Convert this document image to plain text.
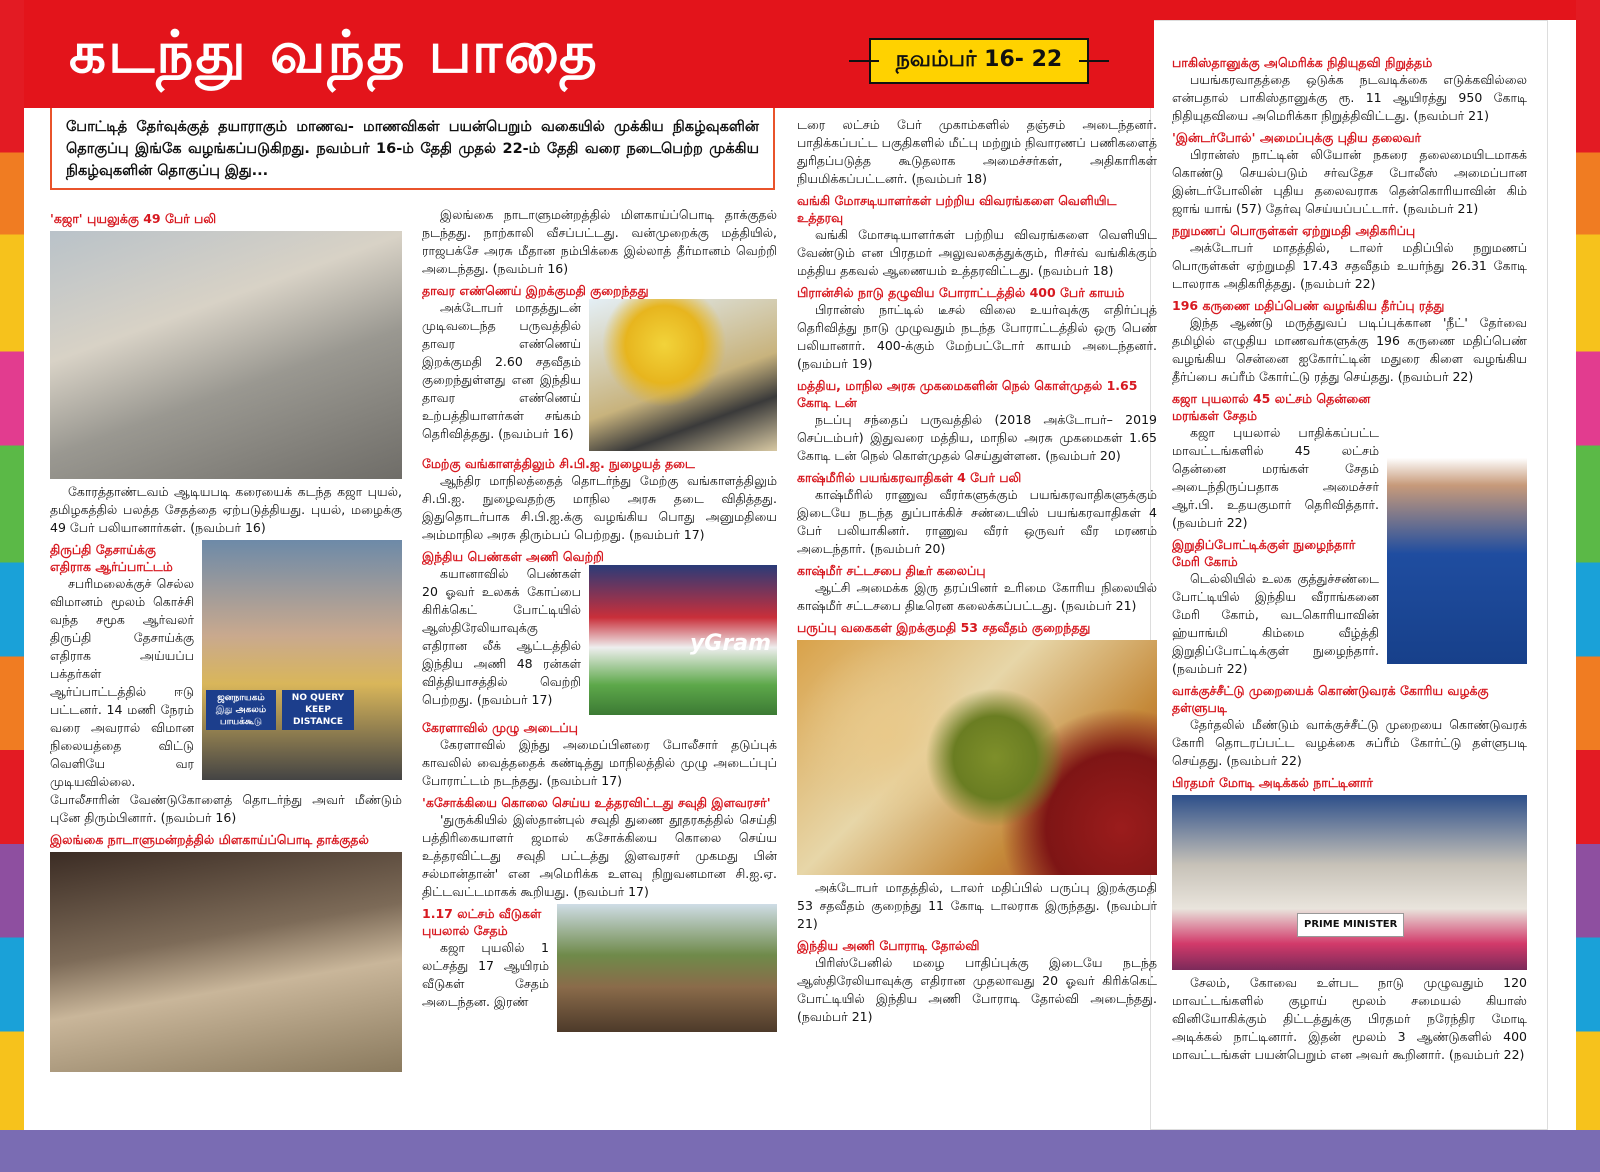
கடந்து வந்த பாதை	நவம்பர் 16- 22
போட்டித் தேர்வுக்குத் தயாராகும் மாணவ- மாணவிகள் பயன்பெறும் வகையில் முக்கிய நிகழ்வுகளின் தொகுப்பு இங்கே வழங்கப்படுகிறது. நவம்பர் 16-ம் தேதி முதல் 22-ம் தேதி வரை நடைபெற்ற முக்கிய நிகழ்வுகளின் தொகுப்பு இது...
'கஜா' புயலுக்கு 49 பேர் பலி
கோரத்தாண்டவம் ஆடியபடி கரையைக் கடந்த கஜா புயல், தமிழகத்தில் பலத்த சேதத்தை ஏற்படுத்தியது. புயல், மழைக்கு 49 பேர் பலியானார்கள். (நவம்பர் 16)
ஜனநாயகம் இது அகலம் பாயக்கூடு
NO QUERY
KEEP DISTANCE
திருப்தி தேசாய்க்கு எதிராக ஆர்ப்பாட்டம்
சபரிமலைக்குச் செல்ல விமானம் மூலம் கொச்சி வந்த சமூக ஆர்வலர் திருப்தி தேசாய்க்கு எதிராக அய்யப்ப பக்தர்கள் ஆர்ப்பாட்டத்தில் ஈடு பட்டனர். 14 மணி நேரம் வரை அவரால் விமான நிலையத்தை விட்டு வெளியே வர முடியவில்லை. போலீசாரின் வேண்டுகோளைத் தொடர்ந்து அவர் மீண்டும் புனே திரும்பினார். (நவம்பர் 16)
இலங்கை நாடாளுமன்றத்தில் மிளகாய்ப்பொடி தாக்குதல்
இலங்கை நாடாளுமன்றத்தில் மிளகாய்ப்பொடி தாக்குதல் நடந்தது. நாற்காலி வீசப்பட்டது. வன்முறைக்கு மத்தியில், ராஜபக்சே அரசு மீதான நம்பிக்கை இல்லாத் தீர்மானம் வெற்றி அடைந்தது. (நவம்பர் 16)
தாவர எண்ணெய் இறக்குமதி குறைந்தது
அக்டோபர் மாதத்துடன் முடிவடைந்த பருவத்தில் தாவர எண்ணெய் இறக்குமதி 2.60 சதவீதம் குறைந்துள்ளது என இந்திய தாவர எண்ணெய் உற்பத்தியாளர்கள் சங்கம் தெரிவித்தது. (நவம்பர் 16)
மேற்கு வங்காளத்திலும் சி.பி.ஐ. நுழையத் தடை
ஆந்திர மாநிலத்தைத் தொடர்ந்து மேற்கு வங்காளத்திலும் சி.பி.ஐ. நுழைவதற்கு மாநில அரசு தடை விதித்தது. இதுதொடர்பாக சி.பி.ஐ.க்கு வழங்கிய பொது அனுமதியை அம்மாநில அரசு திரும்பப் பெற்றது. (நவம்பர் 17)
இந்திய பெண்கள் அணி வெற்றி
yGram
கயானாவில் பெண்கள் 20 ஓவர் உலகக் கோப்பை கிரிக்கெட் போட்டியில் ஆஸ்திரேலியாவுக்கு எதிரான லீக் ஆட்டத்தில் இந்திய அணி 48 ரன்கள் வித்தியாசத்தில் வெற்றி பெற்றது. (நவம்பர் 17)
கேரளாவில் முழு அடைப்பு
கேரளாவில் இந்து அமைப்பினரை போலீசார் தடுப்புக் காவலில் வைத்ததைக் கண்டித்து மாநிலத்தில் முழு அடைப்புப் போராட்டம் நடந்தது. (நவம்பர் 17)
'கசோக்கியை கொலை செய்ய உத்தரவிட்டது சவுதி இளவரசர்'
'துருக்கியில் இஸ்தான்புல் சவுதி துணை தூதரகத்தில் செய்தி பத்திரிகையாளர் ஜமால் கசோக்கியை கொலை செய்ய உத்தரவிட்டது சவுதி பட்டத்து இளவரசர் முகமது பின் சல்மான்தான்' என அமெரிக்க உளவு நிறுவனமான சி.ஐ.ஏ. திட்டவட்டமாகக் கூறியது. (நவம்பர் 17)
1.17 லட்சம் வீடுகள் புயலால் சேதம்
கஜா புயலில் 1 லட்சத்து 17 ஆயிரம் வீடுகள் சேதம் அடைந்தன. இரண்
டரை லட்சம் பேர் முகாம்களில் தஞ்சம் அடைந்தனர். பாதிக்கப்பட்ட பகுதிகளில் மீட்பு மற்றும் நிவாரணப் பணிகளைத் துரிதப்படுத்த கூடுதலாக அமைச்சர்கள், அதிகாரிகள் நியமிக்கப்பட்டனர். (நவம்பர் 18)
வங்கி மோசடியாளர்கள் பற்றிய விவரங்களை வெளியிட உத்தரவு
வங்கி மோசடியாளர்கள் பற்றிய விவரங்களை வெளியிட வேண்டும் என பிரதமர் அலுவலகத்துக்கும், ரிசர்வ் வங்கிக்கும் மத்திய தகவல் ஆணையம் உத்தரவிட்டது. (நவம்பர் 18)
பிரான்சில் நாடு தழுவிய போராட்டத்தில் 400 பேர் காயம்
பிரான்ஸ் நாட்டில் டீசல் விலை உயர்வுக்கு எதிர்ப்புத் தெரிவித்து நாடு முழுவதும் நடந்த போராட்டத்தில் ஒரு பெண் பலியானார். 400-க்கும் மேற்பட்டோர் காயம் அடைந்தனர். (நவம்பர் 19)
மத்திய, மாநில அரசு முகமைகளின் நெல் கொள்முதல் 1.65 கோடி டன்
நடப்பு சந்தைப் பருவத்தில் (2018 அக்டோபர்– 2019 செப்டம்பர்) இதுவரை மத்திய, மாநில அரசு முகமைகள் 1.65 கோடி டன் நெல் கொள்முதல் செய்துள்ளன. (நவம்பர் 20)
காஷ்மீரில் பயங்கரவாதிகள் 4 பேர் பலி
காஷ்மீரில் ராணுவ வீரர்களுக்கும் பயங்கரவாதிகளுக்கும் இடையே நடந்த துப்பாக்கிச் சண்டையில் பயங்கரவாதிகள் 4 பேர் பலியாகினர். ராணுவ வீரர் ஒருவர் வீர மரணம் அடைந்தார். (நவம்பர் 20)
காஷ்மீர் சட்டசபை திடீர் கலைப்பு
ஆட்சி அமைக்க இரு தரப்பினர் உரிமை கோரிய நிலையில் காஷ்மீர் சட்டசபை திடீரென கலைக்கப்பட்டது. (நவம்பர் 21)
பருப்பு வகைகள் இறக்குமதி 53 சதவீதம் குறைந்தது
அக்டோபர் மாதத்தில், டாலர் மதிப்பில் பருப்பு இறக்குமதி 53 சதவீதம் குறைந்து 11 கோடி டாலராக இருந்தது. (நவம்பர் 21)
இந்திய அணி போராடி தோல்வி
பிரிஸ்பேனில் மழை பாதிப்புக்கு இடையே நடந்த ஆஸ்திரேலியாவுக்கு எதிரான முதலாவது 20 ஓவர் கிரிக்கெட் போட்டியில் இந்திய அணி போராடி தோல்வி அடைந்தது. (நவம்பர் 21)
பாகிஸ்தானுக்கு அமெரிக்க நிதியுதவி நிறுத்தம்
பயங்கரவாதத்தை ஒடுக்க நடவடிக்கை எடுக்கவில்லை என்பதால் பாகிஸ்தானுக்கு ரூ. 11 ஆயிரத்து 950 கோடி நிதியுதவியை அமெரிக்கா நிறுத்திவிட்டது. (நவம்பர் 21)
'இன்டர்போல்' அமைப்புக்கு புதிய தலைவர்
பிரான்ஸ் நாட்டின் லியோன் நகரை தலைமையிடமாகக் கொண்டு செயல்படும் சர்வதேச போலீஸ் அமைப்பான இன்டர்போலின் புதிய தலைவராக தென்கொரியாவின் கிம் ஜாங் யாங் (57) தேர்வு செய்யப்பட்டார். (நவம்பர் 21)
நறுமணப் பொருள்கள் ஏற்றுமதி அதிகரிப்பு
அக்டோபர் மாதத்தில், டாலர் மதிப்பில் நறுமணப் பொருள்கள் ஏற்றுமதி 17.43 சதவீதம் உயர்ந்து 26.31 கோடி டாலராக அதிகரித்தது. (நவம்பர் 22)
196 கருணை மதிப்பெண் வழங்கிய தீர்ப்பு ரத்து
இந்த ஆண்டு மருத்துவப் படிப்புக்கான 'நீட்' தேர்வை தமிழில் எழுதிய மாணவர்களுக்கு 196 கருணை மதிப்பெண் வழங்கிய சென்னை ஐகோர்ட்டின் மதுரை கிளை வழங்கிய தீர்ப்பை சுப்ரீம் கோர்ட்டு ரத்து செய்தது. (நவம்பர் 22)
கஜா புயலால் 45 லட்சம் தென்னை மரங்கள் சேதம்
கஜா புயலால் பாதிக்கப்பட்ட மாவட்டங்களில் 45 லட்சம் தென்னை மரங்கள் சேதம் அடைந்திருப்பதாக அமைச்சர் ஆர்.பி. உதயகுமார் தெரிவித்தார். (நவம்பர் 22)
இறுதிப்போட்டிக்குள் நுழைந்தார் மேரி கோம்
டெல்லியில் உலக குத்துச்சண்டை போட்டியில் இந்திய வீராங்கனை மேரி கோம், வடகொரியாவின் ஹ்யாங்மி கிம்மை வீழ்த்தி இறுதிப்போட்டிக்குள் நுழைந்தார். (நவம்பர் 22)
வாக்குச்சீட்டு முறையைக் கொண்டுவரக் கோரிய வழக்கு தள்ளுபடி
தேர்தலில் மீண்டும் வாக்குச்சீட்டு முறையை கொண்டுவரக் கோரி தொடரப்பட்ட வழக்கை சுப்ரீம் கோர்ட்டு தள்ளுபடி செய்தது. (நவம்பர் 22)
பிரதமர் மோடி அடிக்கல் நாட்டினார்
PRIME MINISTER
சேலம், கோவை உள்பட நாடு முழுவதும் 120 மாவட்டங்களில் குழாய் மூலம் சமையல் கியாஸ் வினியோகிக்கும் திட்டத்துக்கு பிரதமர் நரேந்திர மோடி அடிக்கல் நாட்டினார். இதன் மூலம் 3 ஆண்டுகளில் 400 மாவட்டங்கள் பயன்பெறும் என அவர் கூறினார். (நவம்பர் 22)
